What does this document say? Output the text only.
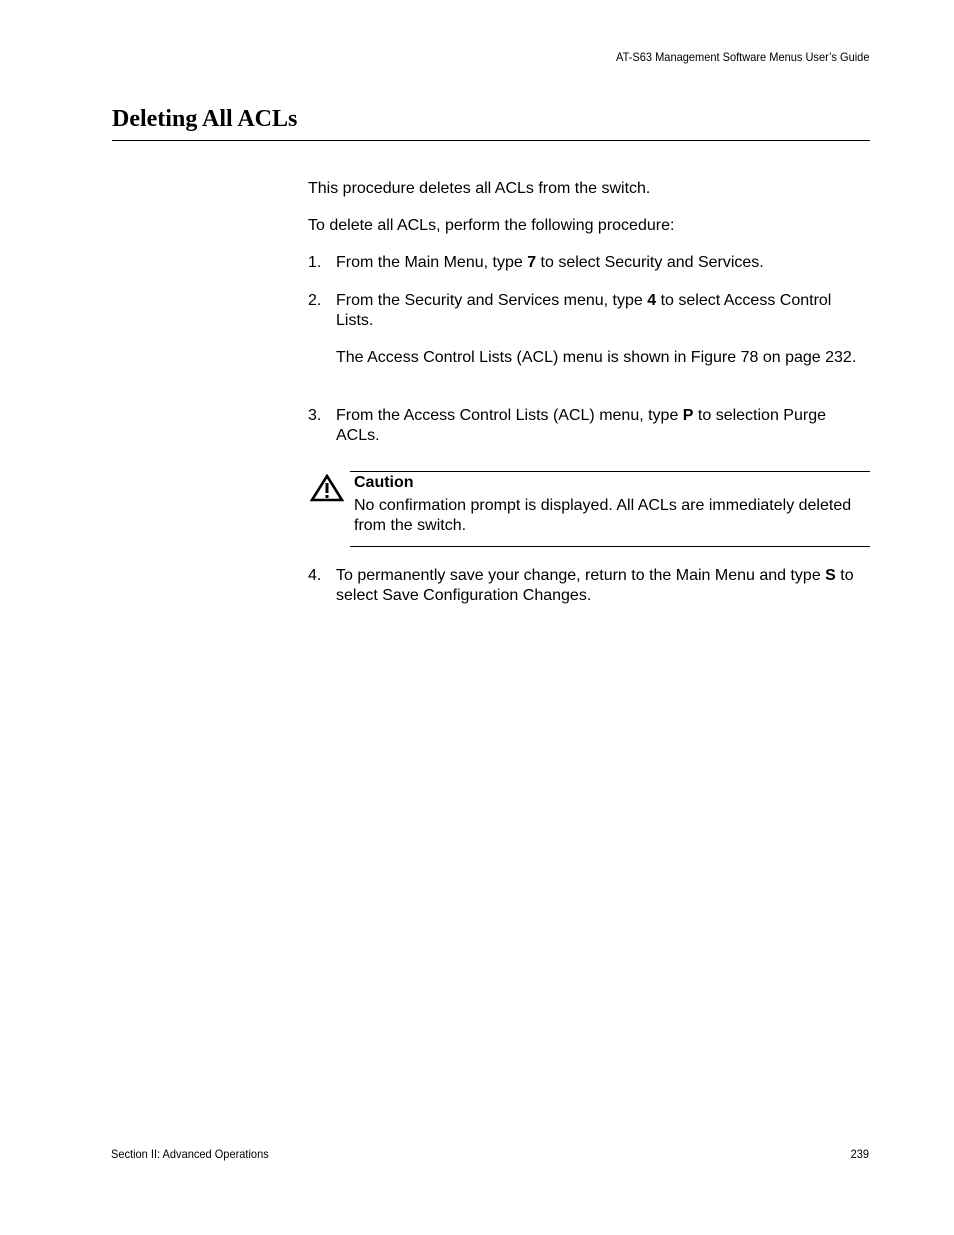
AT-S63 Management Software Menus User’s Guide
Deleting All ACLs

This procedure deletes all ACLs from the switch.

To delete all ACLs, perform the following procedure:

1. From the Main Menu, type 7 to select Security and Services.
2. From the Security and Services menu, type 4 to select Access Control Lists.

The Access Control Lists (ACL) menu is shown in Figure 78 on page 232.

3. From the Access Control Lists (ACL) menu, type P to selection Purge ACLs.
Caution
No confirmation prompt is displayed. All ACLs are immediately deleted from the switch.
4. To permanently save your change, return to the Main Menu and type S to select Save Configuration Changes.
Section II: Advanced Operations	239
